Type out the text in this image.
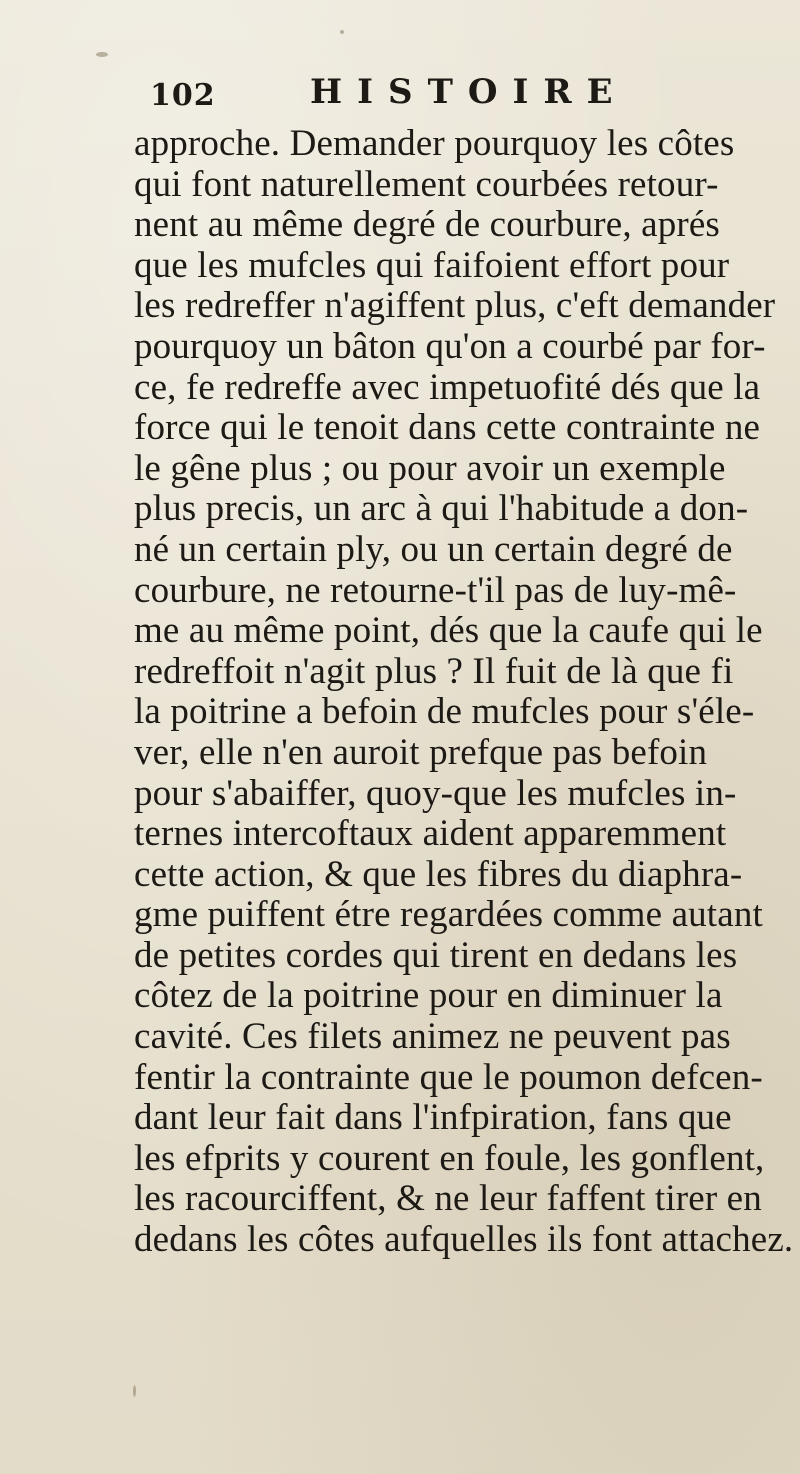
102	HISTOIRE
approche. Demander pourquoy les côtes
qui font naturellement courbées retour-
nent au même degré de courbure, aprés
que les mufcles qui faifoient effort pour
les redreffer n'agiffent plus, c'eft demander
pourquoy un bâton qu'on a courbé par for-
ce, fe redreffe avec impetuofité dés que la
force qui le tenoit dans cette contrainte ne
le gêne plus ; ou pour avoir un exemple
plus precis, un arc à qui l'habitude a don-
né un certain ply, ou un certain degré de
courbure, ne retourne-t'il pas de luy-mê-
me au même point, dés que la caufe qui le
redreffoit n'agit plus ? Il fuit de là que fi
la poitrine a befoin de mufcles pour s'éle-
ver, elle n'en auroit prefque pas befoin
pour s'abaiffer, quoy-que les mufcles in-
ternes intercoftaux aident apparemment
cette action, & que les fibres du diaphra-
gme puiffent étre regardées comme autant
de petites cordes qui tirent en dedans les
côtez de la poitrine pour en diminuer la
cavité. Ces filets animez ne peuvent pas
fentir la contrainte que le poumon defcen-
dant leur fait dans l'infpiration, fans que
les efprits y courent en foule, les gonflent,
les racourciffent, & ne leur faffent tirer en
dedans les côtes aufquelles ils font attachez.
